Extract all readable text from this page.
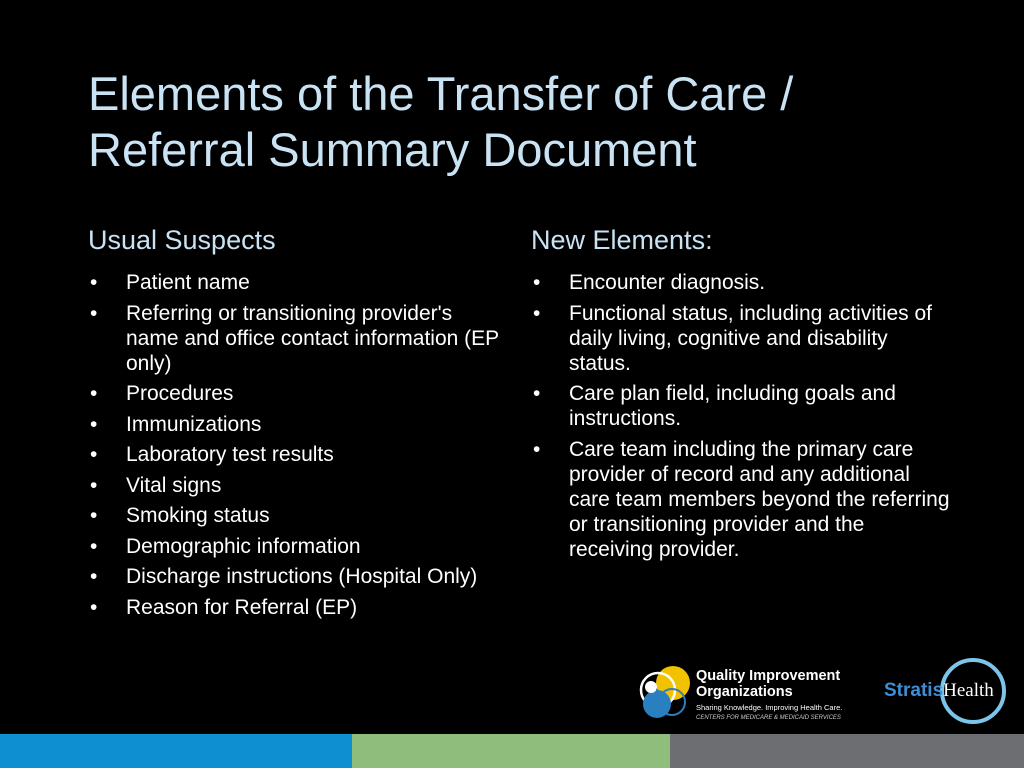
Elements of the Transfer of Care / Referral Summary Document
Usual Suspects
• Patient name
• Referring or transitioning provider's name and office contact information (EP only)
• Procedures
• Immunizations
• Laboratory test results
• Vital signs
• Smoking status
• Demographic information
• Discharge instructions (Hospital Only)
• Reason for Referral (EP)
New Elements:
• Encounter diagnosis.
• Functional status, including activities of daily living, cognitive and disability status.
• Care plan field, including goals and instructions.
• Care team including the primary care provider of record and any additional care team members beyond the referring or transitioning provider and the receiving provider.
Quality Improvement
Organizations
Sharing Knowledge. Improving Health Care.
CENTERS FOR MEDICARE & MEDICAID SERVICES
StratisHealth
